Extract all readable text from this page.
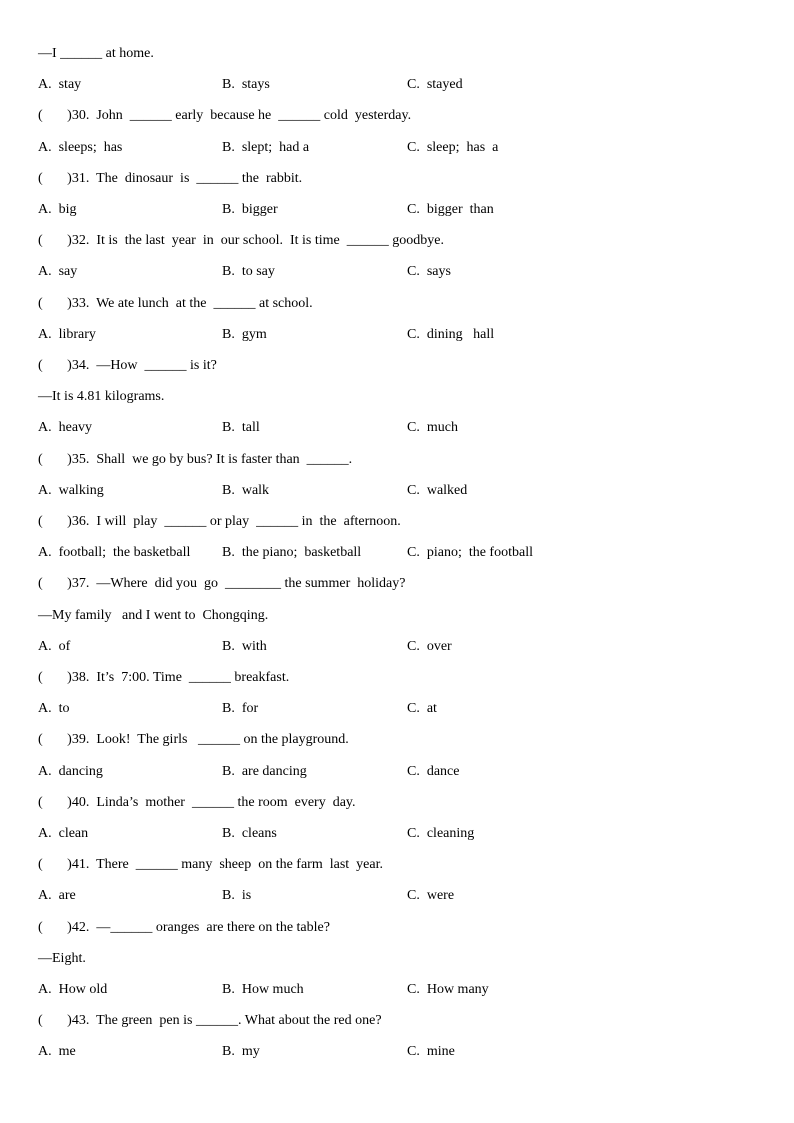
—I ______ at home.
A.  stay	B.  stays	C.  stayed
(       )30.  John  ______ early  because he  ______ cold  yesterday.
A.  sleeps;  has	B.  slept;  had a	C.  sleep;  has  a
(       )31.  The  dinosaur  is  ______ the  rabbit.
A.  big	B.  bigger	C.  bigger  than
(       )32.  It is  the last  year  in  our school.  It is time  ______ goodbye.
A.  say	B.  to say	C.  says
(       )33.  We ate lunch  at the  ______ at school.
A.  library	B.  gym	C.  dining   hall
(       )34.  —How  ______ is it?
—It is 4.81 kilograms.
A.  heavy	B.  tall	C.  much
(       )35.  Shall  we go by bus? It is faster than  ______.
A.  walking	B.  walk	C.  walked
(       )36.  I will  play  ______ or play  ______ in  the  afternoon.
A.  football;  the basketball B.  the piano;  basketball	C.  piano;  the football
(       )37.  —Where  did you  go  ________ the summer  holiday?
—My family   and I went to  Chongqing.
A.  of	B.  with	C.  over
(       )38.  It’s  7:00. Time  ______ breakfast.
A.  to	B.  for	C.  at
(       )39.  Look!  The girls   ______ on the playground.
A.  dancing	B.  are dancing	C.  dance
(       )40.  Linda’s  mother  ______ the room  every  day.
A.  clean	B.  cleans	C.  cleaning
(       )41.  There  ______ many  sheep  on the farm  last  year.
A.  are	B.  is	C.  were
(       )42.  —______ oranges  are there on the table?
—Eight.
A.  How old	B.  How much	C.  How many
(       )43.  The green  pen is ______. What about the red one?
A.  me	B.  my	C.  mine
